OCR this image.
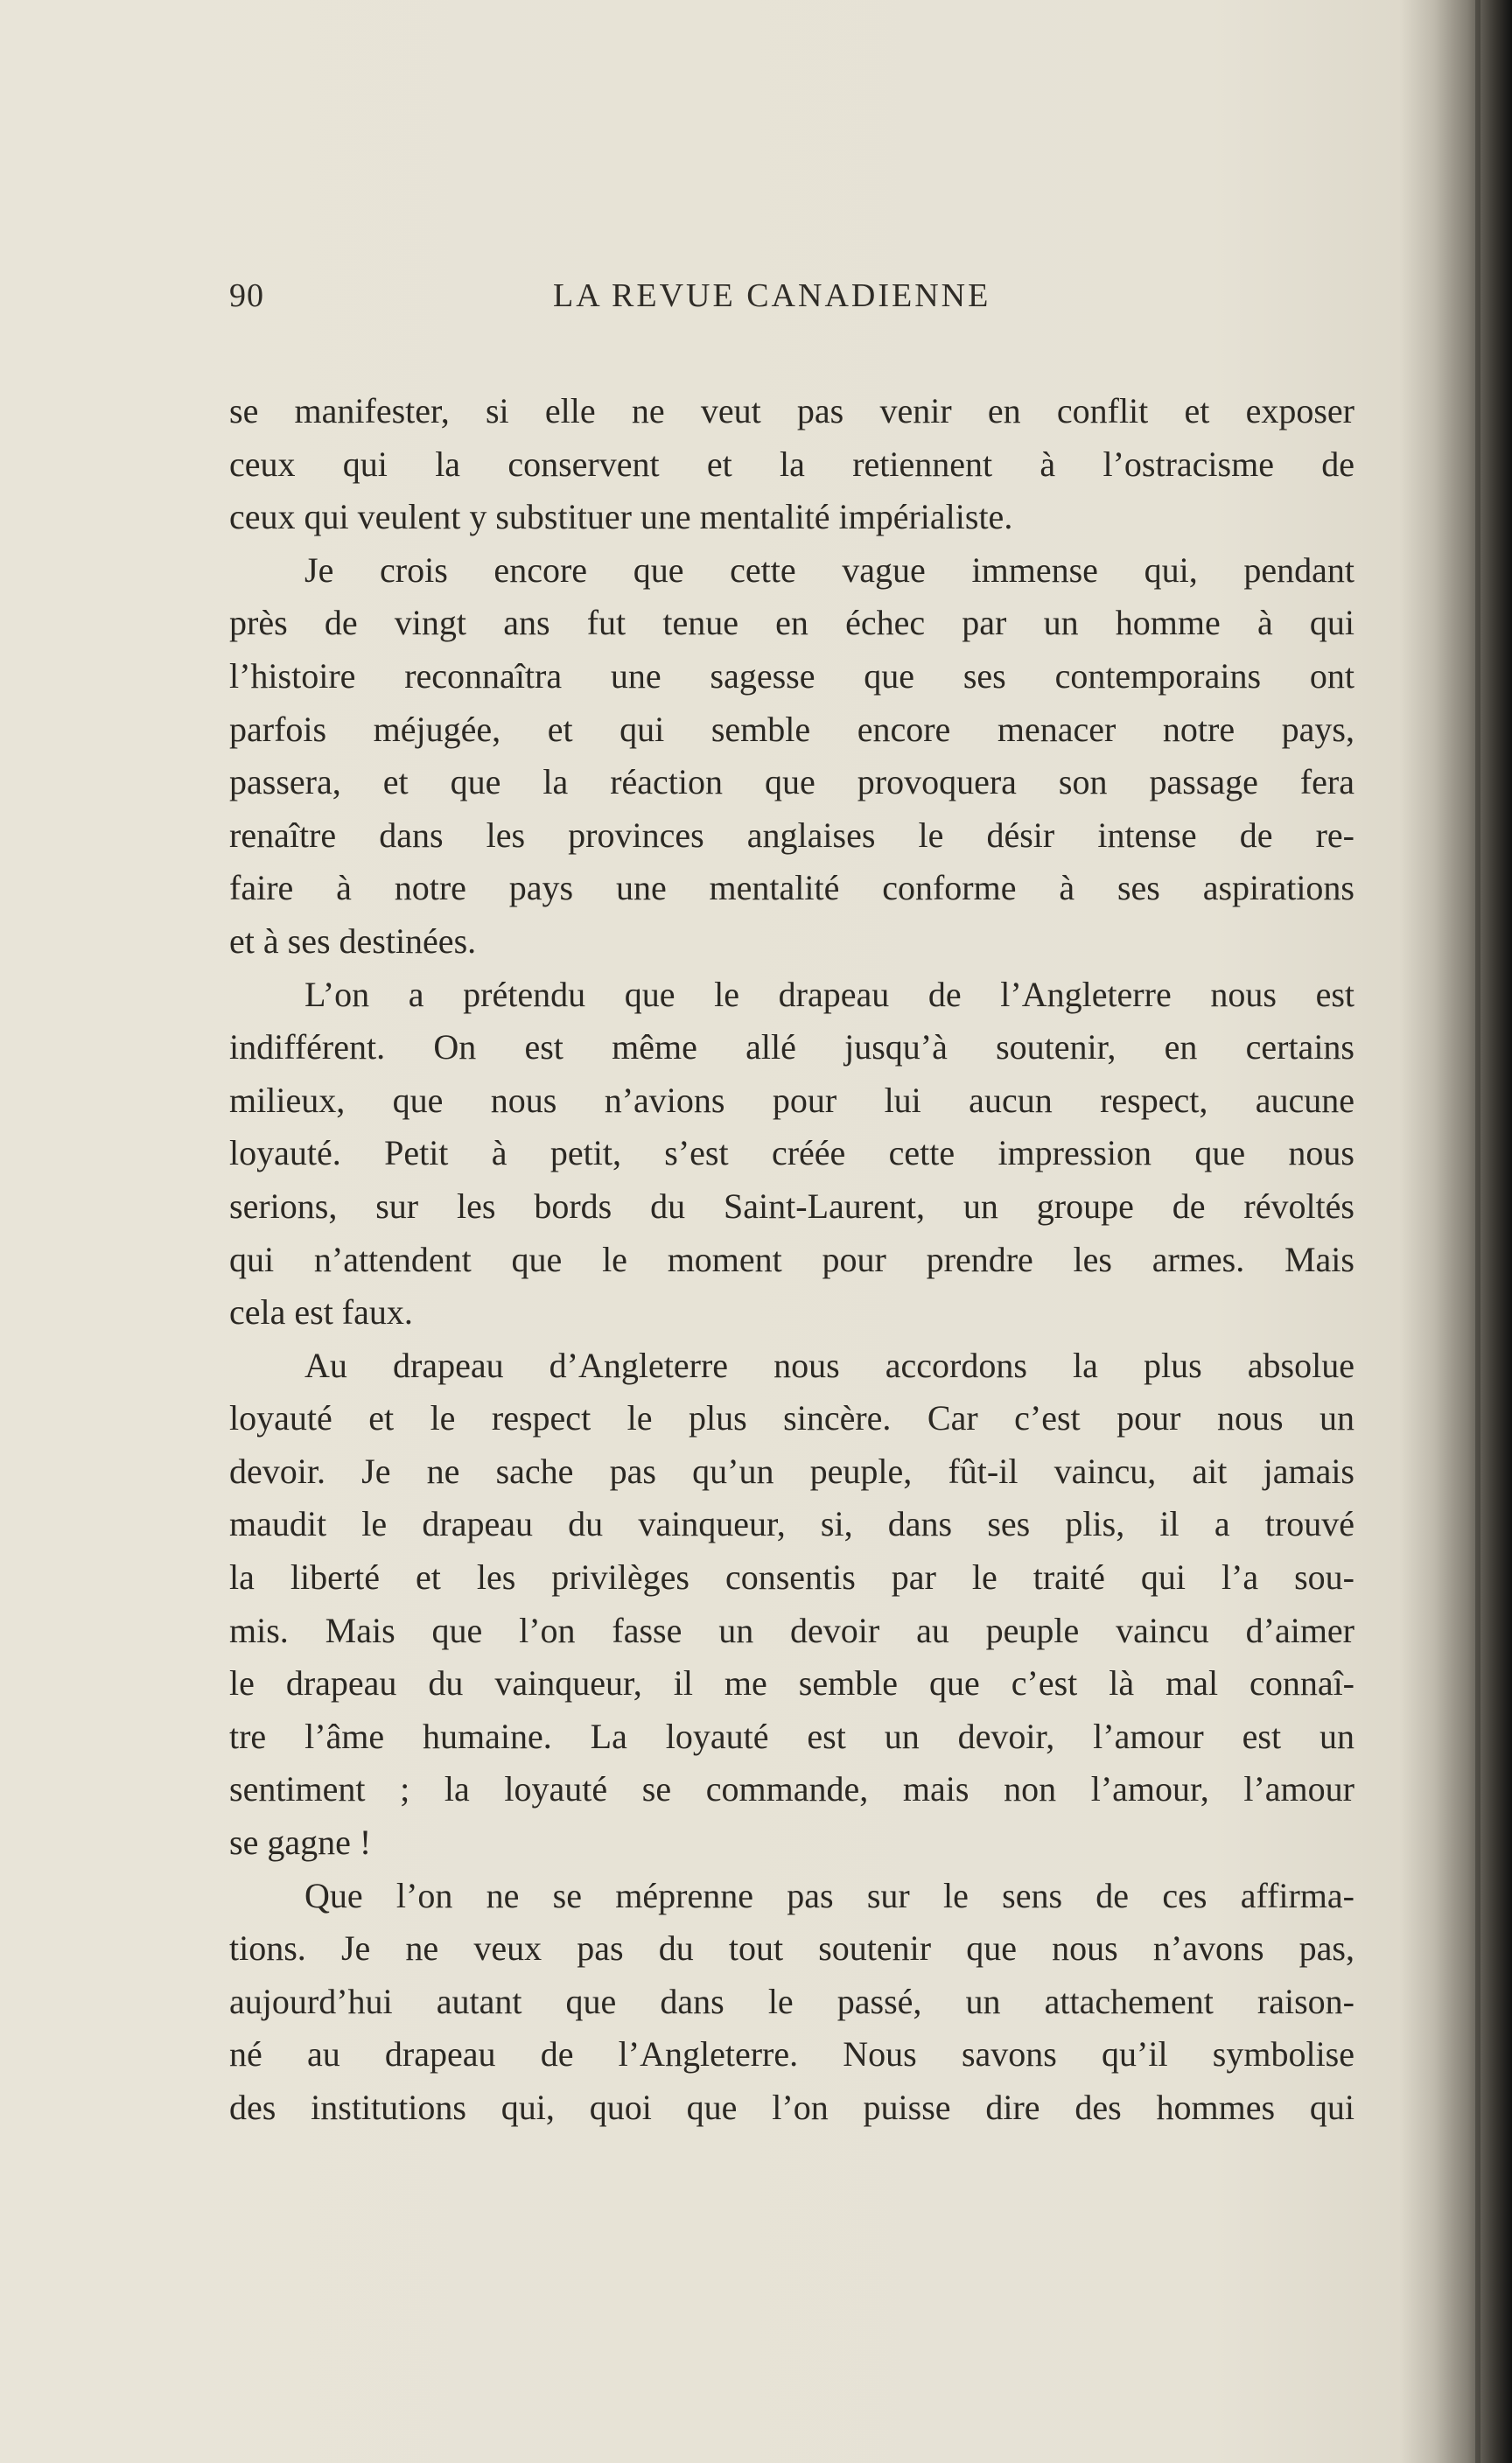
90	LA REVUE CANADIENNE
se manifester, si elle ne veut pas venir en conflit et exposer
ceux qui la conservent et la retiennent à l’ostracisme de
ceux qui veulent y substituer une mentalité impérialiste.
Je crois encore que cette vague immense qui, pendant
près de vingt ans fut tenue en échec par un homme à qui
l’histoire reconnaîtra une sagesse que ses contemporains ont
parfois méjugée, et qui semble encore menacer notre pays,
passera, et que la réaction que provoquera son passage fera
renaître dans les provinces anglaises le désir intense de re-
faire à notre pays une mentalité conforme à ses aspirations
et à ses destinées.
L’on a prétendu que le drapeau de l’Angleterre nous est
indifférent. On est même allé jusqu’à soutenir, en certains
milieux, que nous n’avions pour lui aucun respect, aucune
loyauté. Petit à petit, s’est créée cette impression que nous
serions, sur les bords du Saint-Laurent, un groupe de révoltés
qui n’attendent que le moment pour prendre les armes. Mais
cela est faux.
Au drapeau d’Angleterre nous accordons la plus absolue
loyauté et le respect le plus sincère. Car c’est pour nous un
devoir. Je ne sache pas qu’un peuple, fût-il vaincu, ait jamais
maudit le drapeau du vainqueur, si, dans ses plis, il a trouvé
la liberté et les privilèges consentis par le traité qui l’a sou-
mis. Mais que l’on fasse un devoir au peuple vaincu d’aimer
le drapeau du vainqueur, il me semble que c’est là mal connaî-
tre l’âme humaine. La loyauté est un devoir, l’amour est un
sentiment ; la loyauté se commande, mais non l’amour, l’amour
se gagne !
Que l’on ne se méprenne pas sur le sens de ces affirma-
tions. Je ne veux pas du tout soutenir que nous n’avons pas,
aujourd’hui autant que dans le passé, un attachement raison-
né au drapeau de l’Angleterre. Nous savons qu’il symbolise
des institutions qui, quoi que l’on puisse dire des hommes qui
